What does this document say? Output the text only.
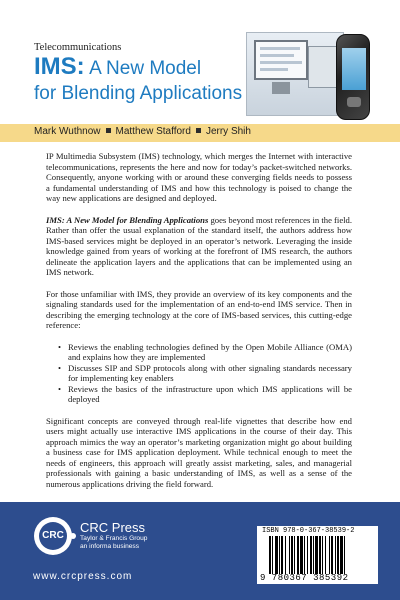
Telecommunications
IMS: A New Model
for Blending Applications
Mark Wuthnow Matthew Stafford Jerry Shih

IP Multimedia Subsystem (IMS) technology, which merges the Internet with interactive telecommunications, represents the here and now for today’s packet-switched networks. Consequently, anyone working with or around these converging fields needs to possess a fundamental understanding of IMS and how this technology is poised to change the way new applications are designed and deployed.

IMS: A New Model for Blending Applications goes beyond most references in the field. Rather than offer the usual explanation of the standard itself, the authors address how IMS-based services might be deployed in an operator’s network. Leveraging the inside knowledge gained from years of working at the forefront of IMS research, the authors delineate the application layers and the applications that can be implemented using an IMS network.

For those unfamiliar with IMS, they provide an overview of its key components and the signaling standards used for the implementation of an end-to-end IMS service. Then in describing the emerging technology at the core of IMS-based services, this cutting-edge reference:

• Reviews the enabling technologies defined by the Open Mobile Alliance (OMA) and explains how they are implemented
• Discusses SIP and SDP protocols along with other signaling standards necessary for implementing key enablers
• Reviews the basics of the infrastructure upon which IMS applications will be deployed

Significant concepts are conveyed through real-life vignettes that describe how end users might actually use interactive IMS applications in the course of their day. This approach mimics the way an operator’s marketing organization might go about building a business case for IMS application deployment. While technical enough to meet the needs of engineers, this approach will greatly assist marketing, sales, and managerial professionals with gaining a basic understanding of IMS, as well as a sense of the numerous applications driving the field forward.

CRC
CRC Press
Taylor & Francis Group
an informa business
www.crcpress.com
ISBN 978-0-367-38539-2
9 780367 385392
